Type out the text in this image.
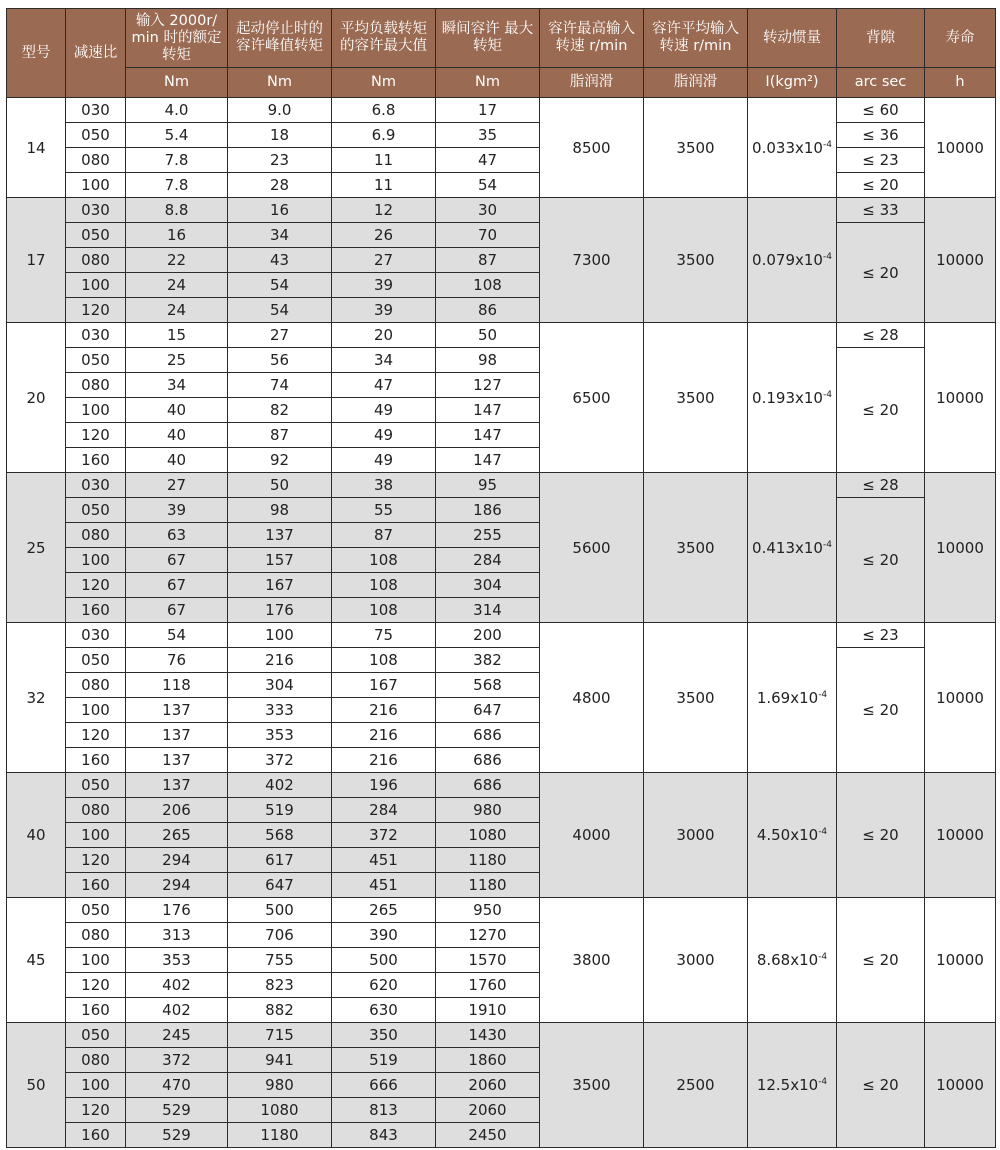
型号	减速比	输入 2000r/ min 时的额定转矩	起动停止时的 容许峰值转矩	平均负载转矩 的容许最大值	瞬间容许 最大转矩	容许最高输入 转速 r/min	容许平均输入 转速 r/min	转动惯量	背隙	寿命
		Nm	Nm	Nm	Nm	脂润滑	脂润滑	I(kgm²)	arc sec	h
14	030	4.0	9.0	6.8	17	8500	3500	$0.033x10^{-4}$	≤ 60	10000
	050	5.4	18	6.9	35				≤ 36	
	080	7.8	23	11	47				≤ 23	
	100	7.8	28	11	54				≤ 20	
17	030	8.8	16	12	30	7300	3500	$0.079x10^{-4}$	≤ 33	10000
	050	16	34	26	70				≤ 20	
	080	22	43	27	87					
	100	24	54	39	108					
	120	24	54	39	86					
20	030	15	27	20	50	6500	3500	$0.193x10^{-4}$	≤ 28	10000
	050	25	56	34	98				≤ 20	
	080	34	74	47	127					
	100	40	82	49	147					
	120	40	87	49	147					
	160	40	92	49	147					
25	030	27	50	38	95	5600	3500	$0.413x10^{-4}$	≤ 28	10000
	050	39	98	55	186				≤ 20	
	080	63	137	87	255					
	100	67	157	108	284					
	120	67	167	108	304					
	160	67	176	108	314					
32	030	54	100	75	200	4800	3500	$1.69x10^{-4}$	≤ 23	10000
	050	76	216	108	382				≤ 20	
	080	118	304	167	568					
	100	137	333	216	647					
	120	137	353	216	686					
	160	137	372	216	686					
40	050	137	402	196	686	4000	3000	$4.50x10^{-4}$	≤ 20	10000
	080	206	519	284	980					
	100	265	568	372	1080					
	120	294	617	451	1180					
	160	294	647	451	1180					
45	050	176	500	265	950	3800	3000	$8.68x10^{-4}$	≤ 20	10000
	080	313	706	390	1270					
	100	353	755	500	1570					
	120	402	823	620	1760					
	160	402	882	630	1910					
50	050	245	715	350	1430	3500	2500	$12.5x10^{-4}$	≤ 20	10000
	080	372	941	519	1860					
	100	470	980	666	2060					
	120	529	1080	813	2060					
	160	529	1180	843	2450					
